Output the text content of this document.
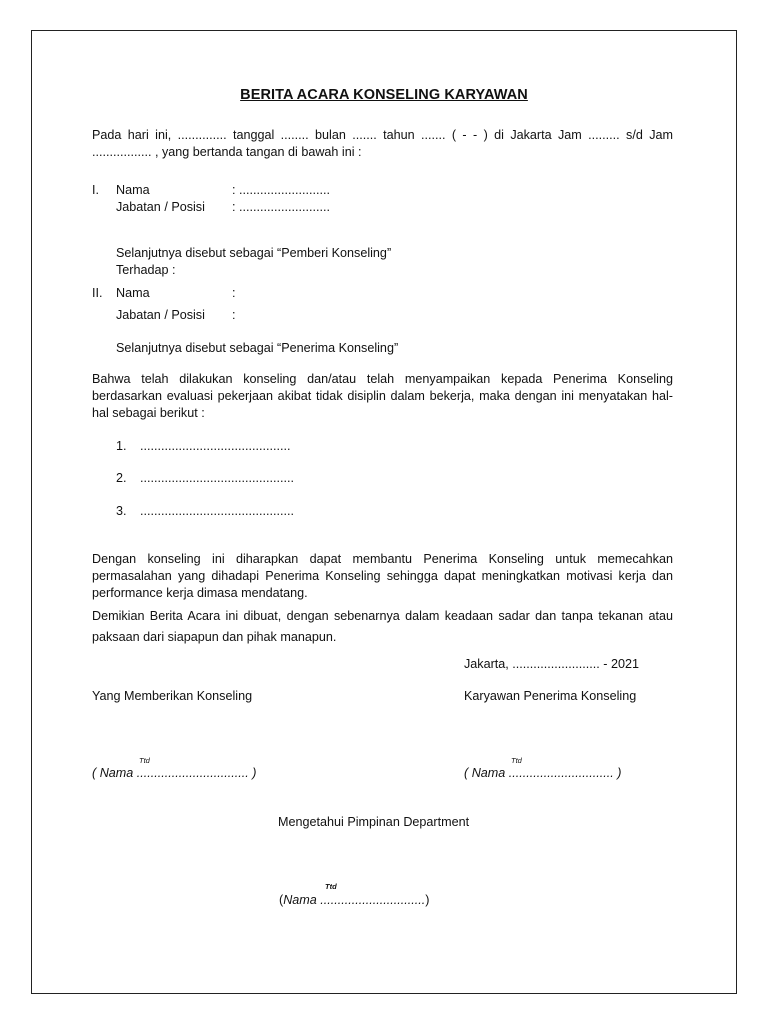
BERITA ACARA KONSELING KARYAWAN
Pada hari ini, .............. tanggal ........ bulan ....... tahun ....... ( - - ) di Jakarta Jam ......... s/d Jam ................. , yang bertanda tangan di bawah ini :
I. Nama	: ..........................
Jabatan / Posisi : ..........................
Selanjutnya disebut sebagai “Pemberi Konseling”
Terhadap :
II. Nama	:
Jabatan / Posisi :
Selanjutnya disebut sebagai “Penerima Konseling”
Bahwa telah dilakukan konseling dan/atau telah menyampaikan kepada Penerima Konseling berdasarkan evaluasi pekerjaan akibat tidak disiplin dalam bekerja, maka dengan ini menyatakan hal-hal sebagai berikut :
1. ...........................................
2. ............................................
3. ............................................
Dengan konseling ini diharapkan dapat membantu Penerima Konseling untuk memecahkan permasalahan yang dihadapi Penerima Konseling sehingga dapat meningkatkan motivasi kerja dan performance kerja dimasa mendatang.
Demikian Berita Acara ini dibuat, dengan sebenarnya dalam keadaan sadar dan tanpa tekanan atau paksaan dari siapapun dan pihak manapun.
Jakarta, ......................... - 2021
Yang Memberikan Konseling	Karyawan Penerima Konseling
Ttd	Ttd
( Nama ................................ )	( Nama .............................. )
Mengetahui Pimpinan Department
Ttd
(Nama ..............................)
